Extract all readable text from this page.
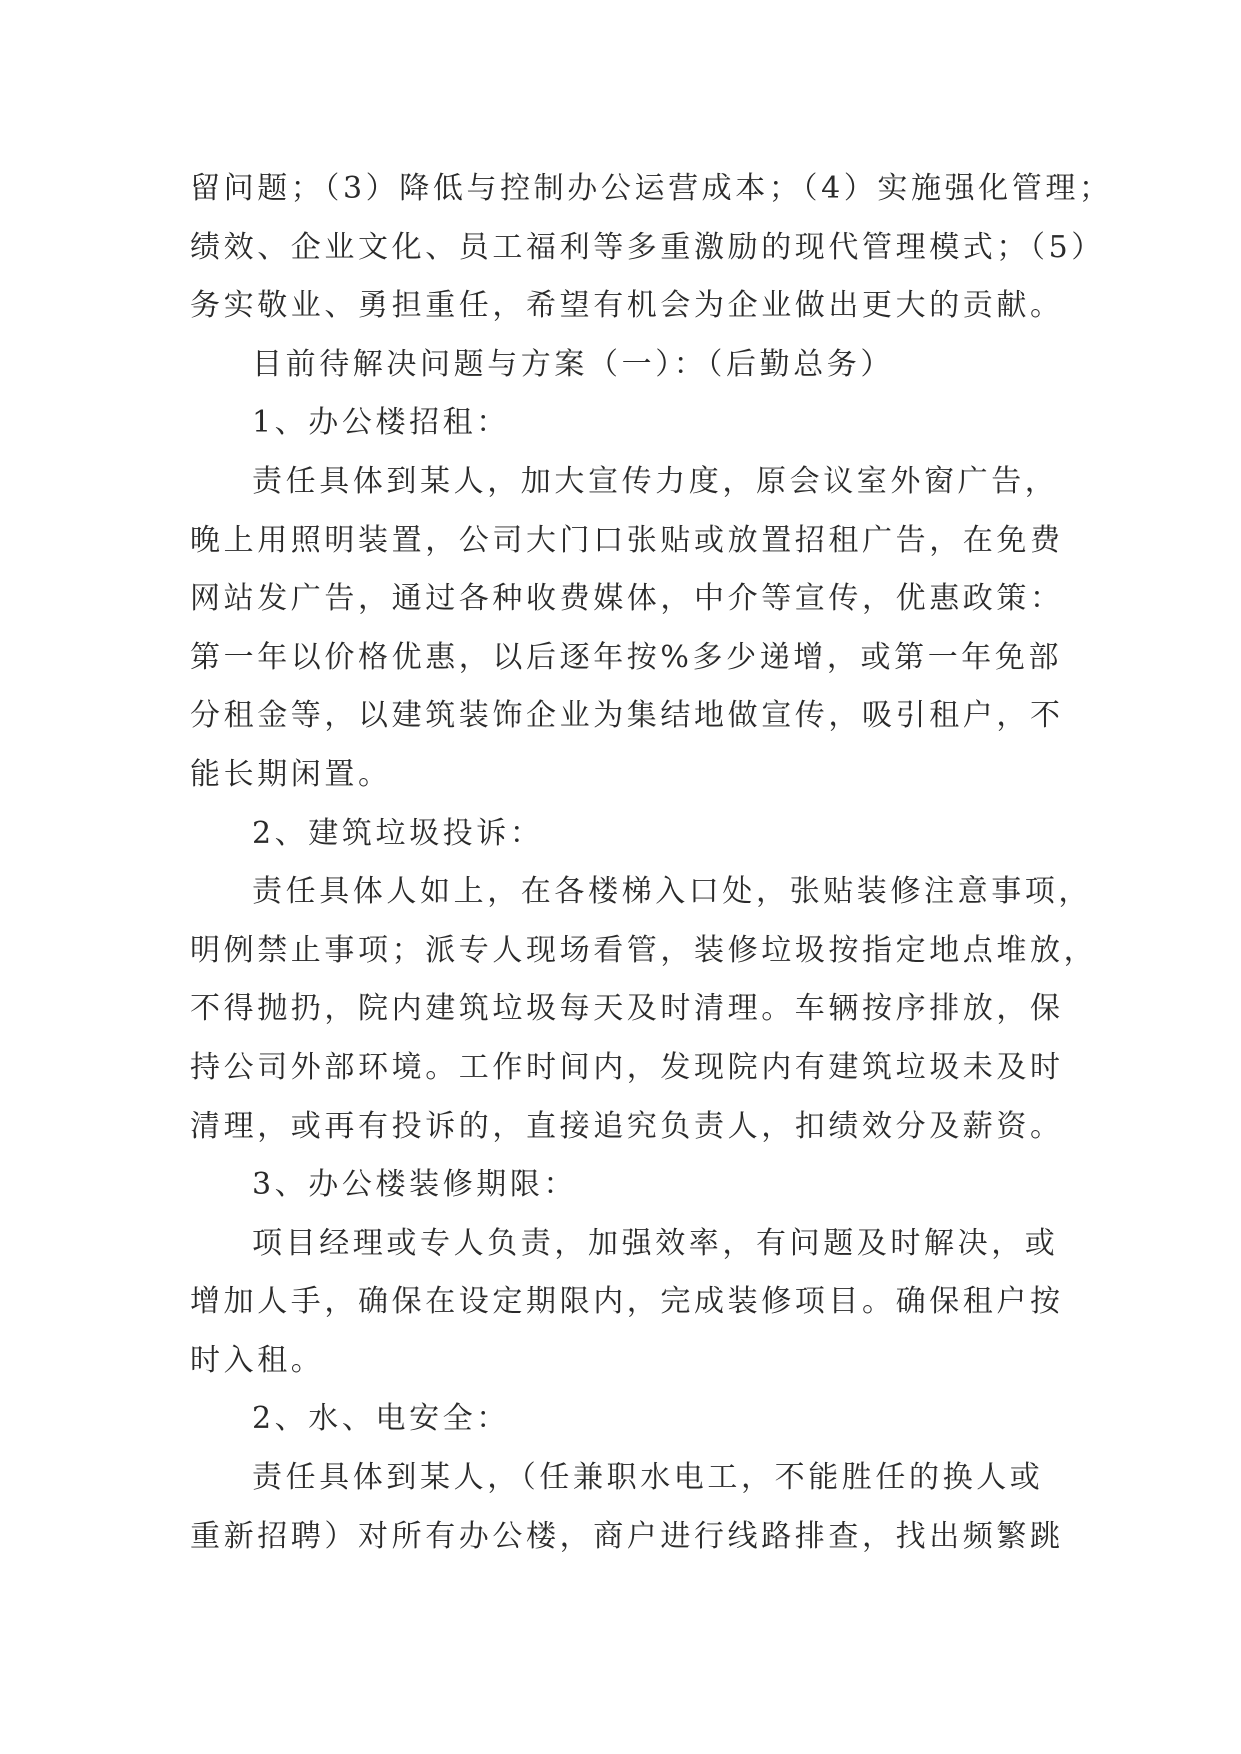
留问题；（3）降低与控制办公运营成本；（4）实施强化管理；
绩效、企业文化、员工福利等多重激励的现代管理模式；（5）
务实敬业、勇担重任，希望有机会为企业做出更大的贡献。
目前待解决问题与方案（一）：（后勤总务）
1、办公楼招租：
责任具体到某人，加大宣传力度，原会议室外窗广告，
晚上用照明装置，公司大门口张贴或放置招租广告，在免费
网站发广告，通过各种收费媒体，中介等宣传，优惠政策：
第一年以价格优惠，以后逐年按%多少递增，或第一年免部
分租金等，以建筑装饰企业为集结地做宣传，吸引租户，不
能长期闲置。
2、建筑垃圾投诉：
责任具体人如上，在各楼梯入口处，张贴装修注意事项，
明例禁止事项；派专人现场看管，装修垃圾按指定地点堆放，
不得抛扔，院内建筑垃圾每天及时清理。车辆按序排放，保
持公司外部环境。工作时间内，发现院内有建筑垃圾未及时
清理，或再有投诉的，直接追究负责人，扣绩效分及薪资。
3、办公楼装修期限：
项目经理或专人负责，加强效率，有问题及时解决，或
增加人手，确保在设定期限内，完成装修项目。确保租户按
时入租。
2、水、电安全：
责任具体到某人，（任兼职水电工，不能胜任的换人或
重新招聘）对所有办公楼，商户进行线路排查，找出频繁跳
